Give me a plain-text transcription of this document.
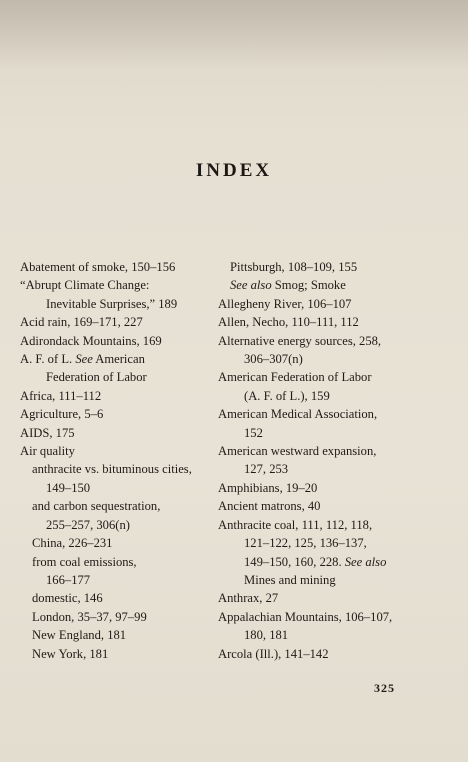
INDEX
Abatement of smoke, 150–156
“Abrupt Climate Change:
Inevitable Surprises,” 189
Acid rain, 169–171, 227
Adirondack Mountains, 169
A. F. of L. See American
Federation of Labor
Africa, 111–112
Agriculture, 5–6
AIDS, 175
Air quality
anthracite vs. bituminous cities,
149–150
and carbon sequestration,
255–257, 306(n)
China, 226–231
from coal emissions,
166–177
domestic, 146
London, 35–37, 97–99
New England, 181
New York, 181
Pittsburgh, 108–109, 155
See also Smog; Smoke
Allegheny River, 106–107
Allen, Necho, 110–111, 112
Alternative energy sources, 258,
306–307(n)
American Federation of Labor
(A. F. of L.), 159
American Medical Association,
152
American westward expansion,
127, 253
Amphibians, 19–20
Ancient matrons, 40
Anthracite coal, 111, 112, 118,
121–122, 125, 136–137,
149–150, 160, 228. See also
Mines and mining
Anthrax, 27
Appalachian Mountains, 106–107,
180, 181
Arcola (Ill.), 141–142
325
